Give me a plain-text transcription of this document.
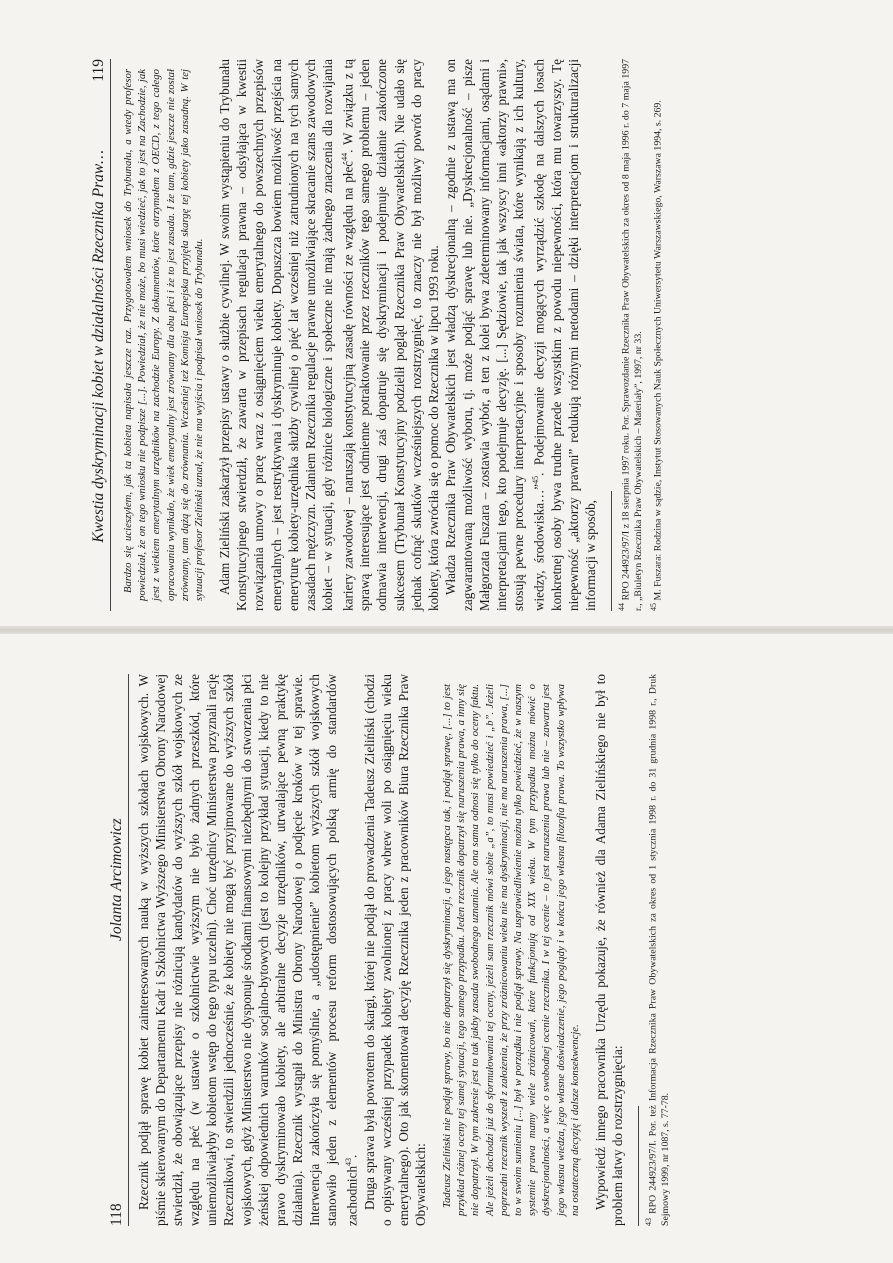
118
Jolanta Arcimowicz Rzecznik podjął sprawę kobiet zainteresowanych nauką w wyższych szkołach wojskowych. W piśmie skierowanym do Departamentu Kadr i Szkolnictwa Wyższego Ministerstwa Obrony Narodowej stwierdził, że obowiązujące przepisy nie różnicują kandydatów do wyższych szkół wojskowych ze względu na płeć (w ustawie o szkolnictwie wyższym nie było żadnych przeszkód, które uniemożliwiałyby kobietom wstęp do tego typu uczelni). Choć urzędnicy Ministerstwa przyznali rację Rzecznikowi, to stwierdzili jednocześnie, że kobiety nie mogą być przyjmowane do wyższych szkół wojskowych, gdyż Ministerstwo nie dysponuje środkami finansowymi niezbędnymi do stworzenia płci żeńskiej odpowiednich warunków socjalno-bytowych (jest to kolejny przykład sytuacji, kiedy to nie prawo dyskryminowało kobiety, ale arbitralne decyzje urzędników, utrwalające pewną praktykę działania). Rzecznik wystąpił do Ministra Obrony Narodowej o podjęcie kroków w tej sprawie. Interwencja zakończyła się pomyślnie, a „udostępnienie” kobietom wyższych szkół wojskowych stanowiło jeden z elementów procesu reform dostosowujących polską armię do standardów zachodnich$^{43}$. Druga sprawa była powrotem do skargi, której nie podjął do prowadzenia Tadeusz Zieliński (chodzi o opisywany wcześniej przypadek kobiety zwolnionej z pracy wbrew woli po osiągnięciu wieku emerytalnego). Oto jak skomentował decyzję Rzecznika jeden z pracowników Biura Rzecznika Praw Obywatelskich: Tadeusz Zieliński nie podjął sprawy, bo nie dopatrzył się dyskryminacji, a jego następca tak, i podjął sprawę, [...] to jest przykład różnej oceny tej samej sytuacji, tego samego przypadku. Jeden rzecznik dopatrzył się naruszenia prawa, a inny się nie dopatrzył. W tym zakresie jest to tak jakby zasada swobodnego uznania. Ale ona sama odnosi się tylko do oceny faktu. Ale jeżeli dochodzi już do sformułowania tej oceny, jeżeli sam rzecznik mówi sobie „a”, to musi powiedzieć i „b”. Jeżeli poprzedni rzecznik wyszedł z założenia, że przy zróżnicowaniu wieku nie ma dyskryminacji, nie ma naruszenia prawa, [...] to w swoim sumieniu [...] był w porządku i nie podjął sprawy. Na usprawiedliwienie można tylko powiedzieć, że w naszym systemie prawa mamy wiele zróżnicowań, które funkcjonują od XIX wieku. W tym przypadku można mówić o dyskrecjonalności, a więc o swobodnej ocenie rzecznika. I w tej ocenie – to jest naruszenia prawa lub nie – zawarta jest jego własna wiedza, jego własne doświadczenie, jego poglądy i w końcu jego własna filozofia prawa. To wszystko wpływa na ostateczną decyzję i dalsze konsekwencje. Wypowiedź innego pracownika Urzędu pokazuje, że również dla Adama Zielińskiego nie był to problem łatwy do rozstrzygnięcia: $^{43}$ RPO 244923/97/I. Por. też Informacja Rzecznika Praw Obywatelskich za okres od 1 stycznia 1998 r. do 31 grudnia 1998 r., Druk Sejmowy 1999, nr 1087, s. 77-78.

Kwestia dyskryminacji kobiet w działalności Rzecznika Praw…
119 Bardzo się ucieszyłem, jak ta kobieta napisała jeszcze raz. Przygotowałem wniosek do Trybunału, a wtedy profesor powiedział, że on tego wniosku nie podpisze [...]. Powiedział, że nie może, bo musi wiedzieć, jak to jest na Zachodzie, jak jest z wiekiem emerytalnym urzędników na zachodzie Europy. Z dokumentów, które otrzymałem z OECD, z tego całego opracowania wynikało, że wiek emerytalny jest zrównany dla obu płci i że to jest zasada. I że tam, gdzie jeszcze nie został zrównany, tam dążą się do zrównania. Wcześniej też Komisja Europejska przyjęła skargę tej kobiety jako zasadną. W tej sytuacji profesor Zieliński uznał, że nie ma wyjścia i podpisał wniosek do Trybunału. Adam Zieliński zaskarżył przepisy ustawy o służbie cywilnej. W swoim wystąpieniu do Trybunału Konstytucyjnego stwierdził, że zawarta w przepisach regulacja prawna – odsyłająca w kwestii rozwiązania umowy o pracę wraz z osiągnięciem wieku emerytalnego do powszechnych przepisów emerytalnych – jest restryktywna i dyskryminuje kobiety. Dopuszcza bowiem możliwość przejścia na emeryturę kobiety-urzędnika służby cywilnej o pięć lat wcześniej niż zatrudnionych na tych samych zasadach mężczyzn. Zdaniem Rzecznika regulacje prawne umożliwiające skracanie szans zawodowych kobiet – w sytuacji, gdy różnice biologiczne i społeczne nie mają żadnego znaczenia dla rozwijania kariery zawodowej – naruszają konstytucyjną zasadę równości ze względu na płeć$^{44}$. W związku z tą sprawą interesujące jest odmienne potraktowanie przez rzeczników tego samego problemu – jeden odmawia interwencji, drugi zaś dopatruje się dyskryminacji i podejmuje działanie zakończone sukcesem (Trybunał Konstytucyjny podzielił pogląd Rzecznika Praw Obywatelskich). Nie udało się jednak cofnąć skutków wcześniejszych rozstrzygnięć, to znaczy nie był możliwy powrót do pracy kobiety, która zwróciła się o pomoc do Rzecznika w lipcu 1993 roku. Władza Rzecznika Praw Obywatelskich jest władzą dyskrecjonalną – zgodnie z ustawą ma on zagwarantowaną możliwość wyboru, tj. może podjąć sprawę lub nie. „Dyskrecjonalność – pisze Małgorzata Fuszara – zostawia wybór, a ten z kolei bywa zdeterminowany informacjami, osądami i interpretacjami tego, kto podejmuje decyzję. [...] Sędziowie, tak jak wszyscy inni «aktorzy prawni», stosują pewne procedury interpretacyjne i sposoby rozumienia świata, które wynikają z ich kultury, wiedzy, środowiska…”$^{45}$. Podejmowanie decyzji mogących wyrządzić szkodę na dalszych losach konkretnej osoby bywa trudne przede wszystkim z powodu niepewności, która mu towarzyszy. Tę niepewność „aktorzy prawni” redukują różnymi metodami – dzięki interpretacjom i strukturalizacji informacji w sposób, $^{44}$ RPO 244923/97/I z 18 sierpnia 1997 roku. Por. Sprawozdanie Rzecznika Praw Obywatelskich za okres od 8 maja 1996 r. do 7 maja 1997 r., „Biuletyn Rzecznika Praw Obywatelskich – Materiały”, 1997, nr 33. $^{45}$ M. Fuszara: Rodzina w sądzie, Instytut Stosowanych Nauk Społecznych Uniwersytetu Warszawskiego, Warszawa 1994, s. 269.
